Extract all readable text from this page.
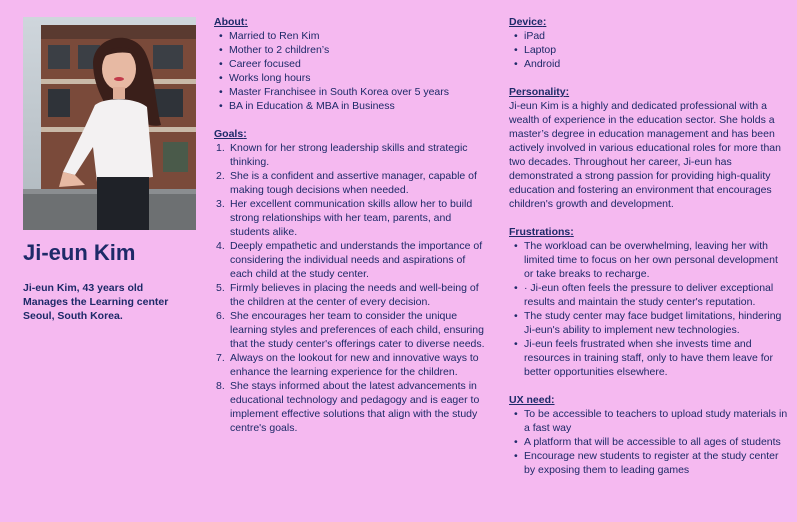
Ji-eun Kim
Ji-eun Kim, 43 years old
Manages the Learning center
Seoul, South Korea.
About:
• Married to Ren Kim
• Mother to 2 children’s
• Career focused
• Works long hours
• Master Franchisee in South Korea over 5 years
• BA in Education & MBA in Business
Goals:
Known for her strong leadership skills and strategic thinking.
She is a confident and assertive manager, capable of making tough decisions when needed.
Her excellent communication skills allow her to build strong relationships with her team, parents, and students alike.
Deeply empathetic and understands the importance of considering the individual needs and aspirations of each child at the study center.
Firmly believes in placing the needs and well-being of the children at the center of every decision.
She encourages her team to consider the unique learning styles and preferences of each child, ensuring that the study center's offerings cater to diverse needs.
Always on the lookout for new and innovative ways to enhance the learning experience for the children.
She stays informed about the latest advancements in educational technology and pedagogy and is eager to implement effective solutions that align with the study centre's goals.
Device:
• iPad
• Laptop
• Android
Personality:

Ji-eun Kim is a highly and dedicated professional with a wealth of experience in the education sector. She holds a master’s degree in education management and has been actively involved in various educational roles for more than two decades. Throughout her career, Ji-eun has demonstrated a strong passion for providing high-quality education and fostering an environment that encourages children's growth and development.

Frustrations:
• The workload can be overwhelming, leaving her with limited time to focus on her own personal development or take breaks to recharge.
• · Ji-eun often feels the pressure to deliver exceptional results and maintain the study center's reputation.
• The study center may face budget limitations, hindering Ji-eun's ability to implement new technologies.
• Ji-eun feels frustrated when she invests time and resources in training staff, only to have them leave for better opportunities elsewhere.
UX need:
• To be accessible to teachers to upload study materials in a fast way
• A platform that will be accessible to all ages of students
• Encourage new students to register at the study center by exposing them to leading games
